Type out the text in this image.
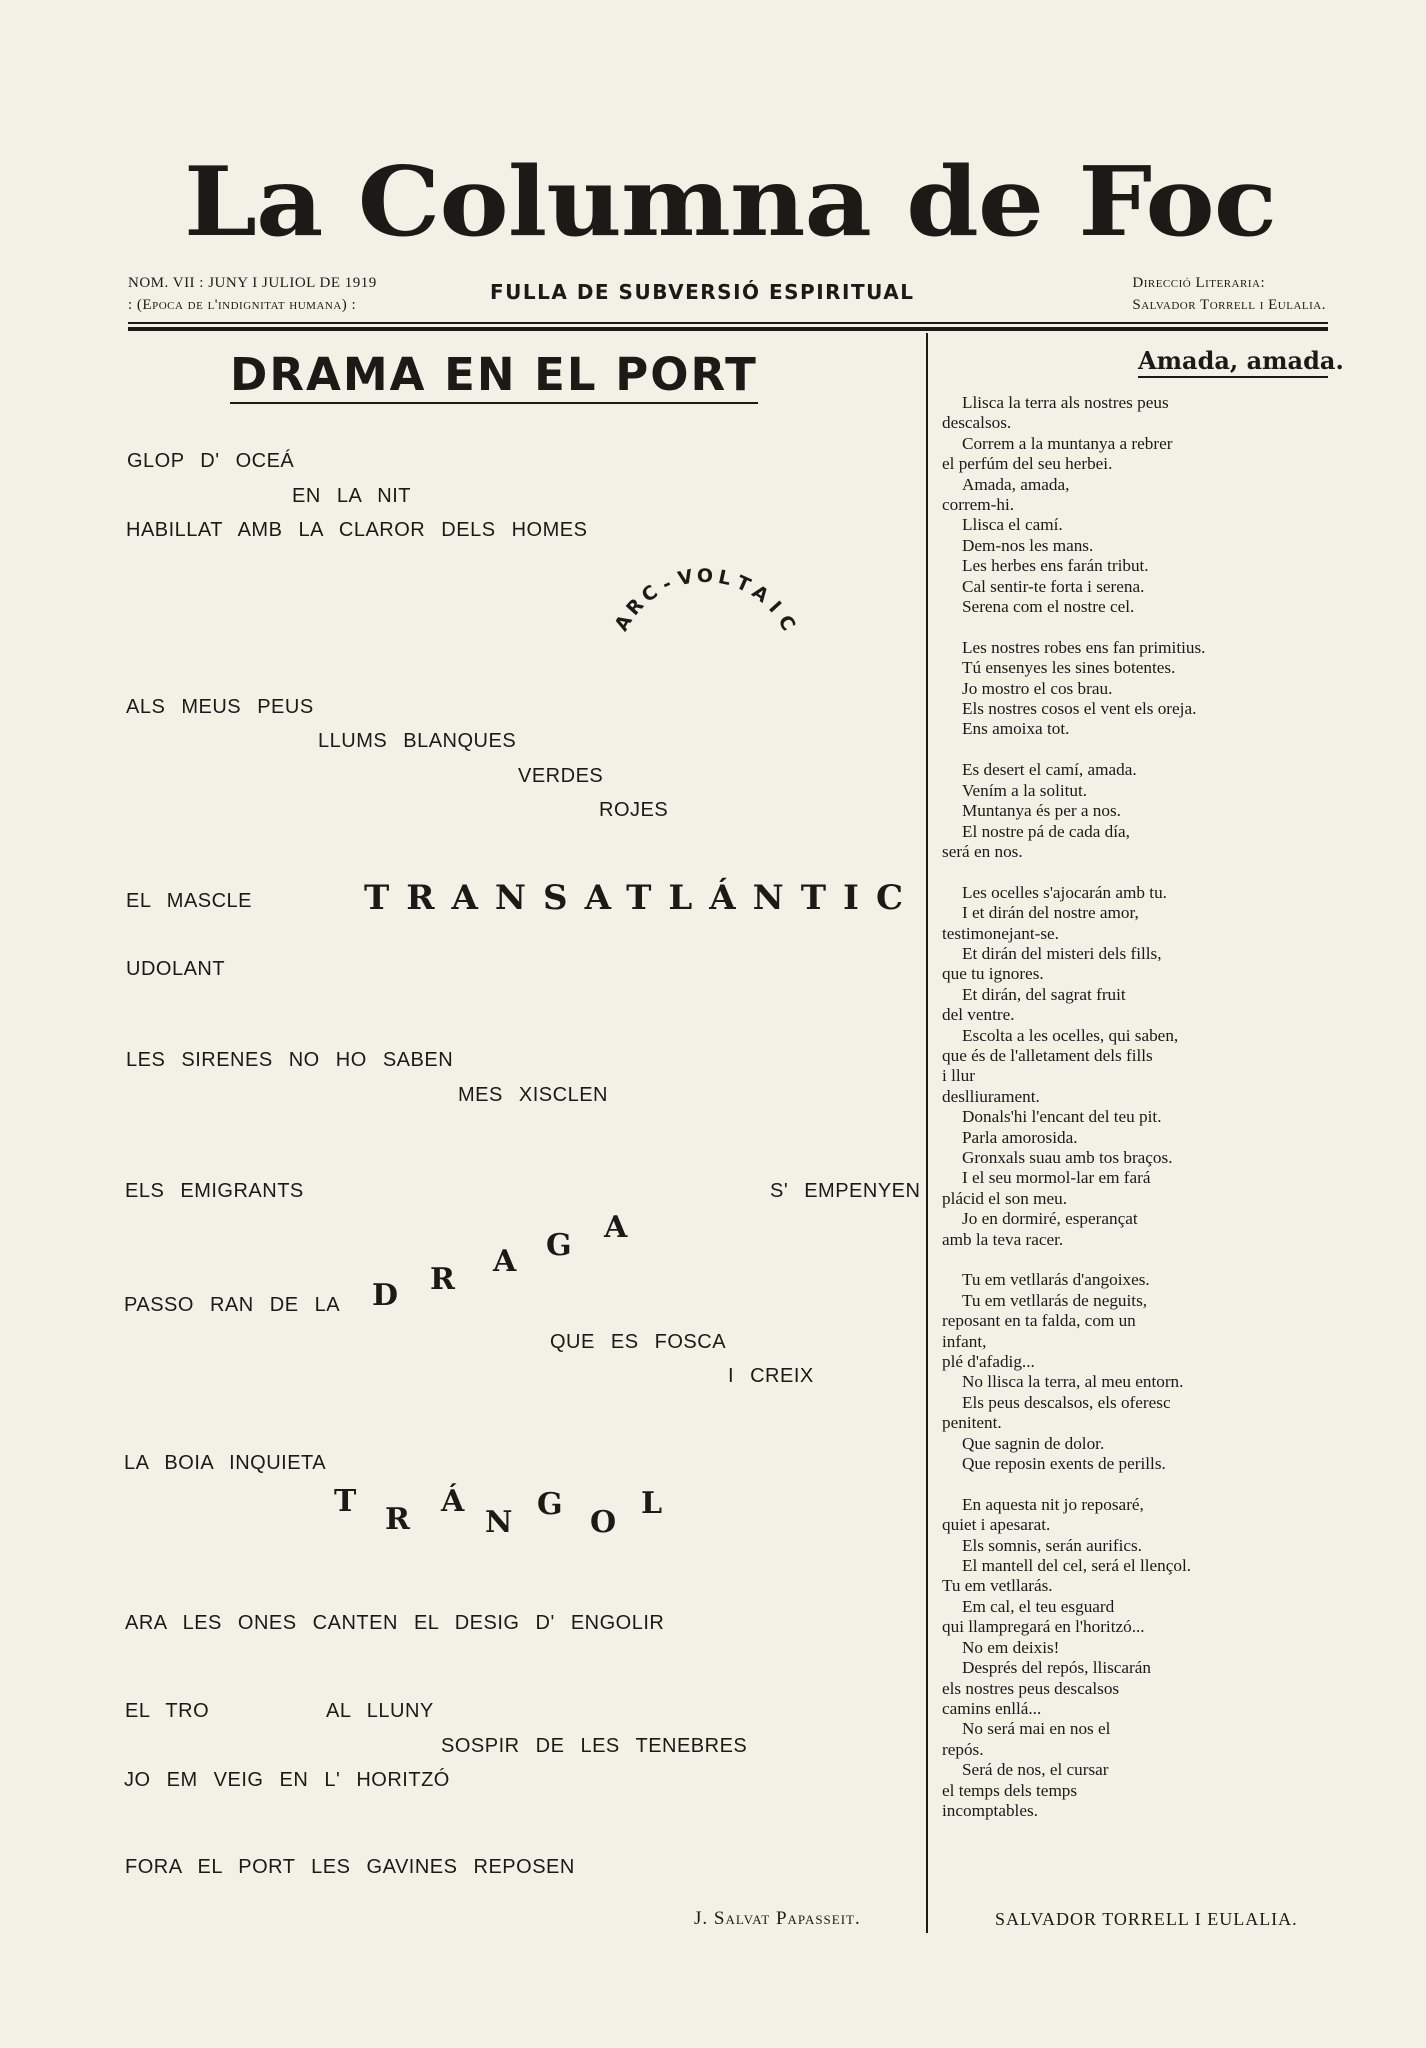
La Columna de Foc
NOM. VII : JUNY I JULIOL DE 1919
: (Epoca de l'indignitat humana) :
FULLA DE SUBVERSIÓ ESPIRITUAL	Direcció Literaria:
Salvador Torrell i Eulalia.
DRAMA EN EL PORT
GLOP D' OCEÁ
EN LA NIT
HABILLAT AMB LA CLAROR DELS HOMES
A
R
C
- V O L T
A
I
C
ALS MEUS PEUS
LLUMS BLANQUES
VERDES
ROJES
EL MASCLE	TRANSATLÁNTIC
UDOLANT
LES SIRENES NO HO SABEN
MES XISCLEN
ELS EMIGRANTS	S' EMPENYEN
PASSO RAN DE LA D R
A G
A
QUE ES FOSCA
I CREIX
LA BOIA INQUIETA
T
R
Á
N
G
O
L
ARA LES ONES CANTEN EL DESIG D' ENGOLIR
EL TRO	AL LLUNY
SOSPIR DE LES TENEBRES
JO EM VEIG EN L' HORITZÓ
FORA EL PORT LES GAVINES REPOSEN
J. Salvat Papasseit.
Amada, amada.
Llisca la terra als nostres peus
descalsos.
Correm a la muntanya a rebrer
el perfúm del seu herbei.
Amada, amada,
correm-hi.
Llisca el camí.
Dem-nos les mans.
Les herbes ens farán tribut.
Cal sentir-te forta i serena.
Serena com el nostre cel.
Les nostres robes ens fan primitius.
Tú ensenyes les sines botentes.
Jo mostro el cos brau.
Els nostres cosos el vent els oreja.
Ens amoixa tot.
Es desert el camí, amada.
Vením a la solitut.
Muntanya és per a nos.
El nostre pá de cada día,
será en nos.
Les ocelles s'ajocarán amb tu.
I et dirán del nostre amor,
testimonejant-se.
Et dirán del misteri dels fills,
que tu ignores.
Et dirán, del sagrat fruit
del ventre.
Escolta a les ocelles, qui saben,
que és de l'alletament dels fills
i llur
deslliurament.
Donals'hi l'encant del teu pit.
Parla amorosida.
Gronxals suau amb tos braços.
I el seu mormol-lar em fará
plácid el son meu.
Jo en dormiré, esperançat
amb la teva racer.
Tu em vetllarás d'angoixes.
Tu em vetllarás de neguits,
reposant en ta falda, com un
infant,
plé d'afadig...
No llisca la terra, al meu entorn.
Els peus descalsos, els oferesc
penitent.
Que sagnin de dolor.
Que reposin exents de perills.
En aquesta nit jo reposaré,
quiet i apesarat.
Els somnis, serán aurifics.
El mantell del cel, será el llençol.
Tu em vetllarás.
Em cal, el teu esguard
qui llampregará en l'horitzó...
No em deixis!
Després del repós, lliscarán
els nostres peus descalsos
camins enllá...
No será mai en nos el
repós.
Será de nos, el cursar
el temps dels temps
incomptables.
SALVADOR TORRELL I EULALIA.
